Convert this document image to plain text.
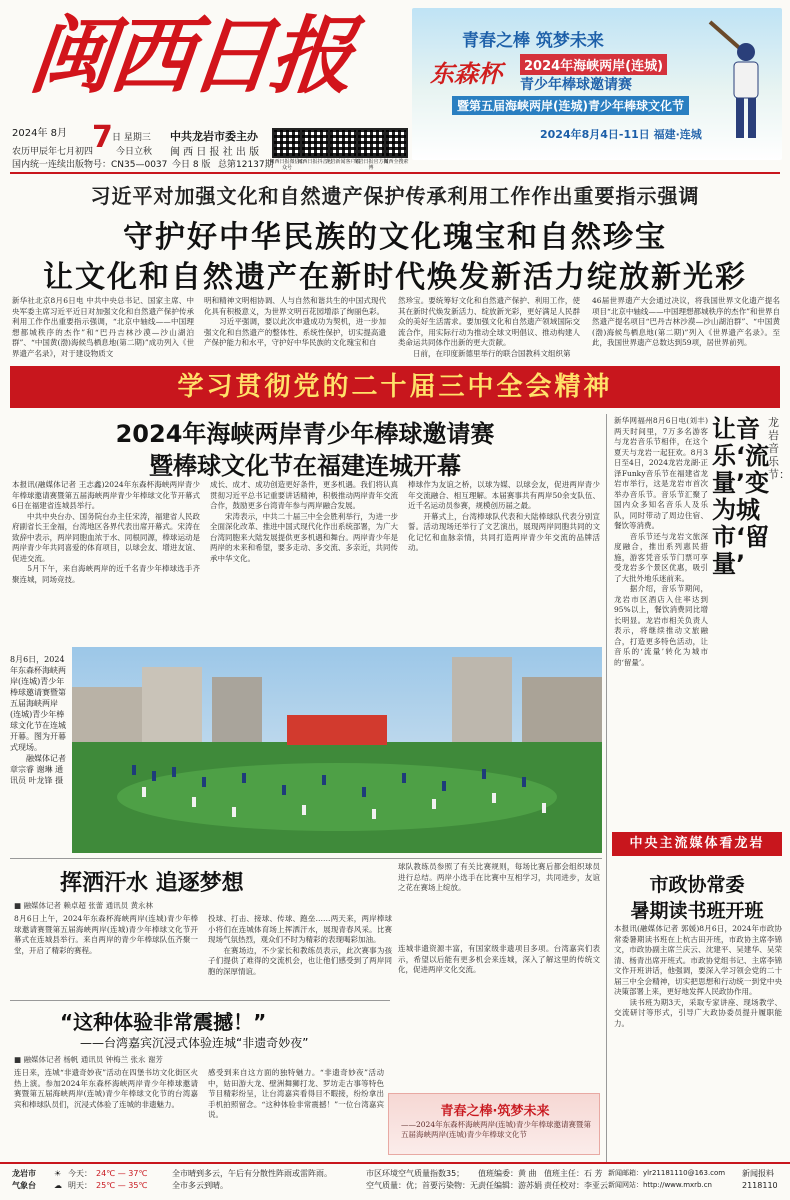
闽西日报
2024年 8月 7 日 星期三
农历甲辰年七月初四	今日立秋
国内统一连续出版物号：CN35—0037 今日 8 版 总第12137期
中共龙岩市委主办
闽 西 日 报 社 出 版
闽西日报微信公众号
闽西日报抖音号
龙岩新闻客户端
龙岩日报官方微博
闽西全搜索
青春之棒 筑梦未来
东森杯	2024年海峡两岸(连城)
青少年棒球邀请赛
暨第五届海峡两岸(连城)青少年棒球文化节
2024年8月4日-11日 福建·连城
习近平对加强文化和自然遗产保护传承利用工作作出重要指示强调
守护好中华民族的文化瑰宝和自然珍宝
让文化和自然遗产在新时代焕发新活力绽放新光彩
新华社北京8月6日电 中共中央总书记、国家主席、中央军委主席习近平近日对加强文化和自然遗产保护传承利用工作作出重要指示强调，“北京中轴线——中国理想都城秩序的杰作”和“巴丹吉林沙漠—沙山湖泊群”、“中国黄(渤)海候鸟栖息地(第二期)”成功列入《世界遗产名录》，对于建设物质文
明和精神文明相协调、人与自然和谐共生的中国式现代化具有积极意义，为世界文明百花园增添了绚丽色彩。
　　习近平强调，要以此次申遗成功为契机，进一步加强文化和自然遗产的整体性、系统性保护，切实提高遗产保护能力和水平，守护好中华民族的文化瑰宝和自
然珍宝。要统筹好文化和自然遗产保护、利用工作，使其在新时代焕发新活力、绽放新光彩，更好满足人民群众的美好生活需求。要加强文化和自然遗产领域国际交流合作，用实际行动为推动全球文明倡议、推动构建人类命运共同体作出新的更大贡献。
　　日前，在印度新德里举行的联合国教科文组织第
46届世界遗产大会通过决议，将我国世界文化遗产提名项目“北京中轴线——中国理想都城秩序的杰作”和世界自然遗产提名项目“巴丹吉林沙漠—沙山湖泊群”、“中国黄(渤)海候鸟栖息地(第二期)”列入《世界遗产名录》。至此，我国世界遗产总数达到59项，居世界前列。
学习贯彻党的二十届三中全会精神
2024年海峡两岸青少年棒球邀请赛
暨棒球文化节在福建连城开幕
本报讯(融媒体记者 王志鑫)2024年东森杯海峡两岸青少年棒球邀请赛暨第五届海峡两岸青少年棒球文化节开幕式6日在福建省连城县举行。
　　中共中央台办、国务院台办主任宋涛，福建省人民政府副省长王金福，台湾地区各界代表出席开幕式。宋涛在致辞中表示，两岸同胞血浓于水、同根同源，棒球运动是两岸青少年共同喜爱的体育项目，以球会友、增进友谊、促进交流。
　　5月下午，来自海峡两岸的近千名青少年棒球选手齐聚连城，同场竞技。
成长、成才、成功创造更好条件，更多机遇。我们将认真贯彻习近平总书记重要讲话精神，积极推动两岸青年交流合作，鼓励更多台湾青年参与两岸融合发展。
　　宋涛表示，中共二十届三中全会胜利举行，为进一步全面深化改革、推进中国式现代化作出系统部署，为广大台湾同胞来大陆发展提供更多机遇和舞台。两岸青少年是两岸的未来和希望，要多走动、多交流、多亲近，共同传承中华文化。
棒球作为友谊之桥，以球为媒、以球会友，促进两岸青少年交流融合、相互理解。本届赛事共有两岸50余支队伍、近千名运动员参赛，规模创历届之最。
　　开幕式上，台湾棒球队代表和大陆棒球队代表分别宣誓。活动现场还举行了文艺演出，展现两岸同胞共同的文化记忆和血脉亲情，共同打造两岸青少年交流的品牌活动。
8月6日，2024年东森杯海峡两岸(连城)青少年棒球邀请赛暨第五届海峡两岸(连城)青少年棒球文化节在连城开幕。图为开幕式现场。
　　融媒体记者 章宗睿 谢琳 通讯员 叶龙锋 摄
新华网福州8月6日电(刘丰)两天时间里，7万多名游客与龙岩音乐节相伴，在这个夏天与龙岩一起狂欢。8月3日至4日，2024龙岩龙湖·正泽Funky音乐节在福建省龙岩市举行，这是龙岩市首次举办音乐节。音乐节汇聚了国内众多知名音乐人及乐队，同时带动了周边住宿、餐饮等消费。
　　音乐节还与龙岩文旅深度融合，推出系列惠民措施，游客凭音乐节门票可享受龙岩多个景区优惠，吸引了大批外地乐迷前来。
　　据介绍，音乐节期间，龙岩市区酒店入住率达到95%以上，餐饮消费同比增长明显。龙岩市相关负责人表示，将继续推动文旅融合，打造更多特色活动，让音乐的‘流量’转化为城市的‘留量’。
让音乐‘流量’变为城市‘留量’
龙岩音乐节：
中央主流媒体看龙岩
挥洒汗水 追逐梦想
■ 融媒体记者 赖卓超 张蕾 通讯员 黄永林
8月6日上午，2024年东森杯海峡两岸(连城)青少年棒球邀请赛暨第五届海峡两岸(连城)青少年棒球文化节开幕式在连城县举行。来自两岸的青少年棒球队伍齐聚一堂，开启了精彩的赛程。
投球、打击、接球、传球、跑垒……两天来，两岸棒球小将们在连城体育场上挥洒汗水，展现青春风采。比赛现场气氛热烈，观众们不时为精彩的表现喝彩加油。
　　在赛场边，不少家长和教练员表示，此次赛事为孩子们提供了难得的交流机会，也让他们感受到了两岸同胞的深厚情谊。
球队教练员参照了有关比赛规则，每场比赛后都会组织球员进行总结。两岸小选手在比赛中互相学习，共同进步，友谊之花在赛场上绽放。
“这种体验非常震撼！”
——台湾嘉宾沉浸式体验连城“非遗奇妙夜”
■ 融媒体记者 杨帆 通讯员 钟梅兰 张永 谢芳
连日来，连城“非遗奇妙夜”活动在四堡书坊文化街区火热上演。参加2024年东森杯海峡两岸青少年棒球邀请赛暨第五届海峡两岸(连城)青少年棒球文化节的台湾嘉宾和棒球队员们，沉浸式体验了连城的非遗魅力。
感受到来自这方面的独特魅力。“非遗奇妙夜”活动中，姑田游大龙、壁洲舞狮打龙、罗坊走古事等特色节目精彩纷呈，让台湾嘉宾看得目不暇接，纷纷拿出手机拍照留念。“这种体验非常震撼！”一位台湾嘉宾说。
连城非遗资源丰富，有国家级非遗项目多项。台湾嘉宾们表示，希望以后能有更多机会来连城，深入了解这里的传统文化，促进两岸文化交流。
青春之棒·筑梦未来
——2024年东森杯海峡两岸(连城)青少年棒球邀请赛暨第五届海峡两岸(连城)青少年棒球文化节
市政协常委
暑期读书班开班
本报讯(融媒体记者 郭媛)8月6日，2024年市政协常委暑期读书班在上杭古田开班，市政协主席李锦文，市政协副主席兰庆云、沈建平、吴建华、吴荣清、杨青出席开班式。市政协党组书记、主席李锦文作开班讲话，他强调，要深入学习领会党的二十届三中全会精神，切实把思想和行动统一到党中央决策部署上来，更好地发挥人民政协作用。
　　读书班为期3天，采取专家讲座、现场教学、交流研讨等形式，引导广大政协委员提升履职能力。
龙岩市
气象台
☀ 今天： 24℃ — 37℃
☁ 明天： 25℃ — 35℃
全市晴到多云，午后有分散性阵雨或雷阵雨。
全市多云到晴。
市区环境空气质量指数35；
空气质量：优；首要污染物：无。
值班编委：黄 曲 值班主任：石 芳
责任编辑：游苏娟 责任校对：李亚云
新闻邮箱：ylr21181110@163.com
新闻网站：http://www.mxrb.cn
新闻报料
2118110
